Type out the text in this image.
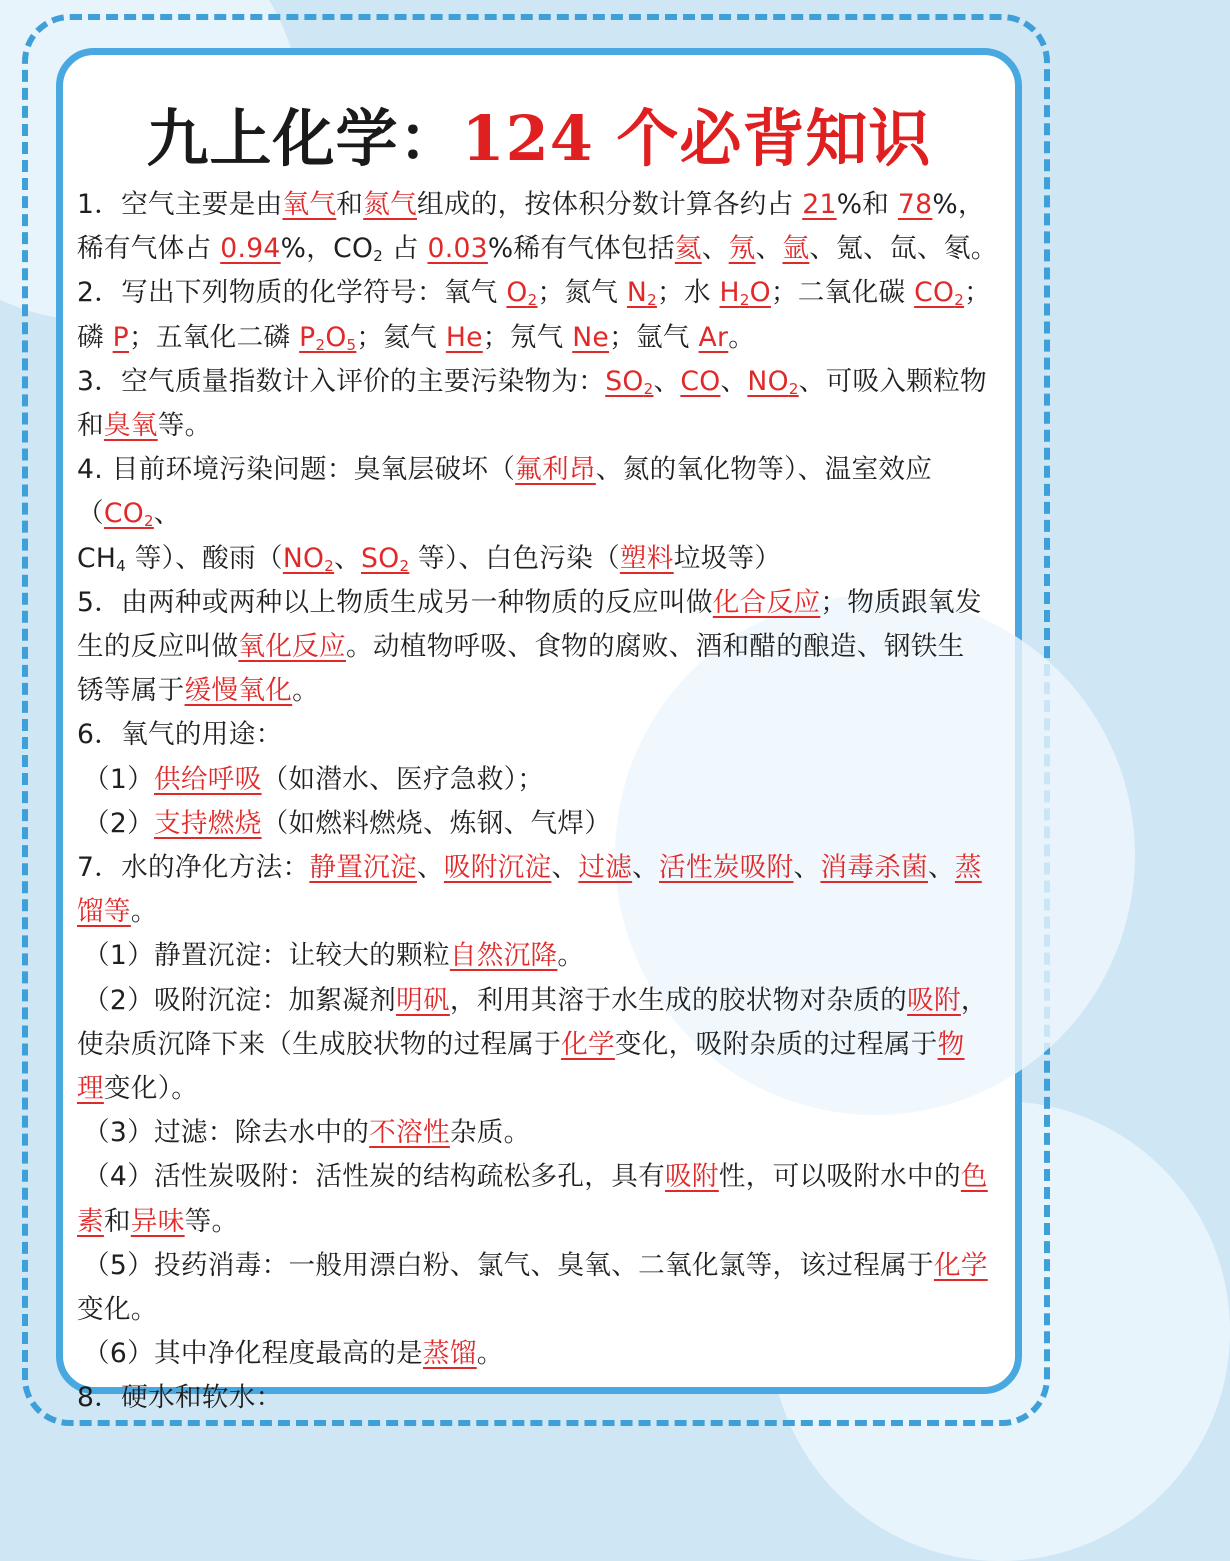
九上化学：124 个必背知识

1．空气主要是由氧气和氮气组成的，按体积分数计算各约占 21%和 78%，
稀有气体占 0.94%，$CO_2$ 占 0.03%稀有气体包括氦、氖、氩、氪、氙、氡。

2．写出下列物质的化学符号：氧气 $O_2$；氮气 $N_2$；水 $H_2O$；二氧化碳 $CO_2$；
磷 P；五氧化二磷 $P_2O_5$；氦气 He；氖气 Ne；氩气 Ar。

3．空气质量指数计入评价的主要污染物为：$SO_2$、CO、$NO_2$、可吸入颗粒物
和臭氧等。

4. 目前环境污染问题：臭氧层破坏（氟利昂、氮的氧化物等）、温室效应（$CO_2$、
$CH_4$ 等）、酸雨（$NO_2$、$SO_2$ 等）、白色污染（塑料垃圾等）

5．由两种或两种以上物质生成另一种物质的反应叫做化合反应；物质跟氧发
生的反应叫做氧化反应。动植物呼吸、食物的腐败、酒和醋的酿造、钢铁生
锈等属于缓慢氧化。

6．氧气的用途：

（1）供给呼吸（如潜水、医疗急救）；

（2）支持燃烧（如燃料燃烧、炼钢、气焊）

7．水的净化方法：静置沉淀、吸附沉淀、过滤、活性炭吸附、消毒杀菌、蒸
馏等。

（1）静置沉淀：让较大的颗粒自然沉降。

（2）吸附沉淀：加絮凝剂明矾，利用其溶于水生成的胶状物对杂质的吸附，

使杂质沉降下来（生成胶状物的过程属于化学变化，吸附杂质的过程属于物
理变化）。

（3）过滤：除去水中的不溶性杂质。

（4）活性炭吸附：活性炭的结构疏松多孔，具有吸附性，可以吸附水中的色

素和异味等。

（5）投药消毒：一般用漂白粉、氯气、臭氧、二氧化氯等，该过程属于化学

变化。

（6）其中净化程度最高的是蒸馏。

8．硬水和软水：
